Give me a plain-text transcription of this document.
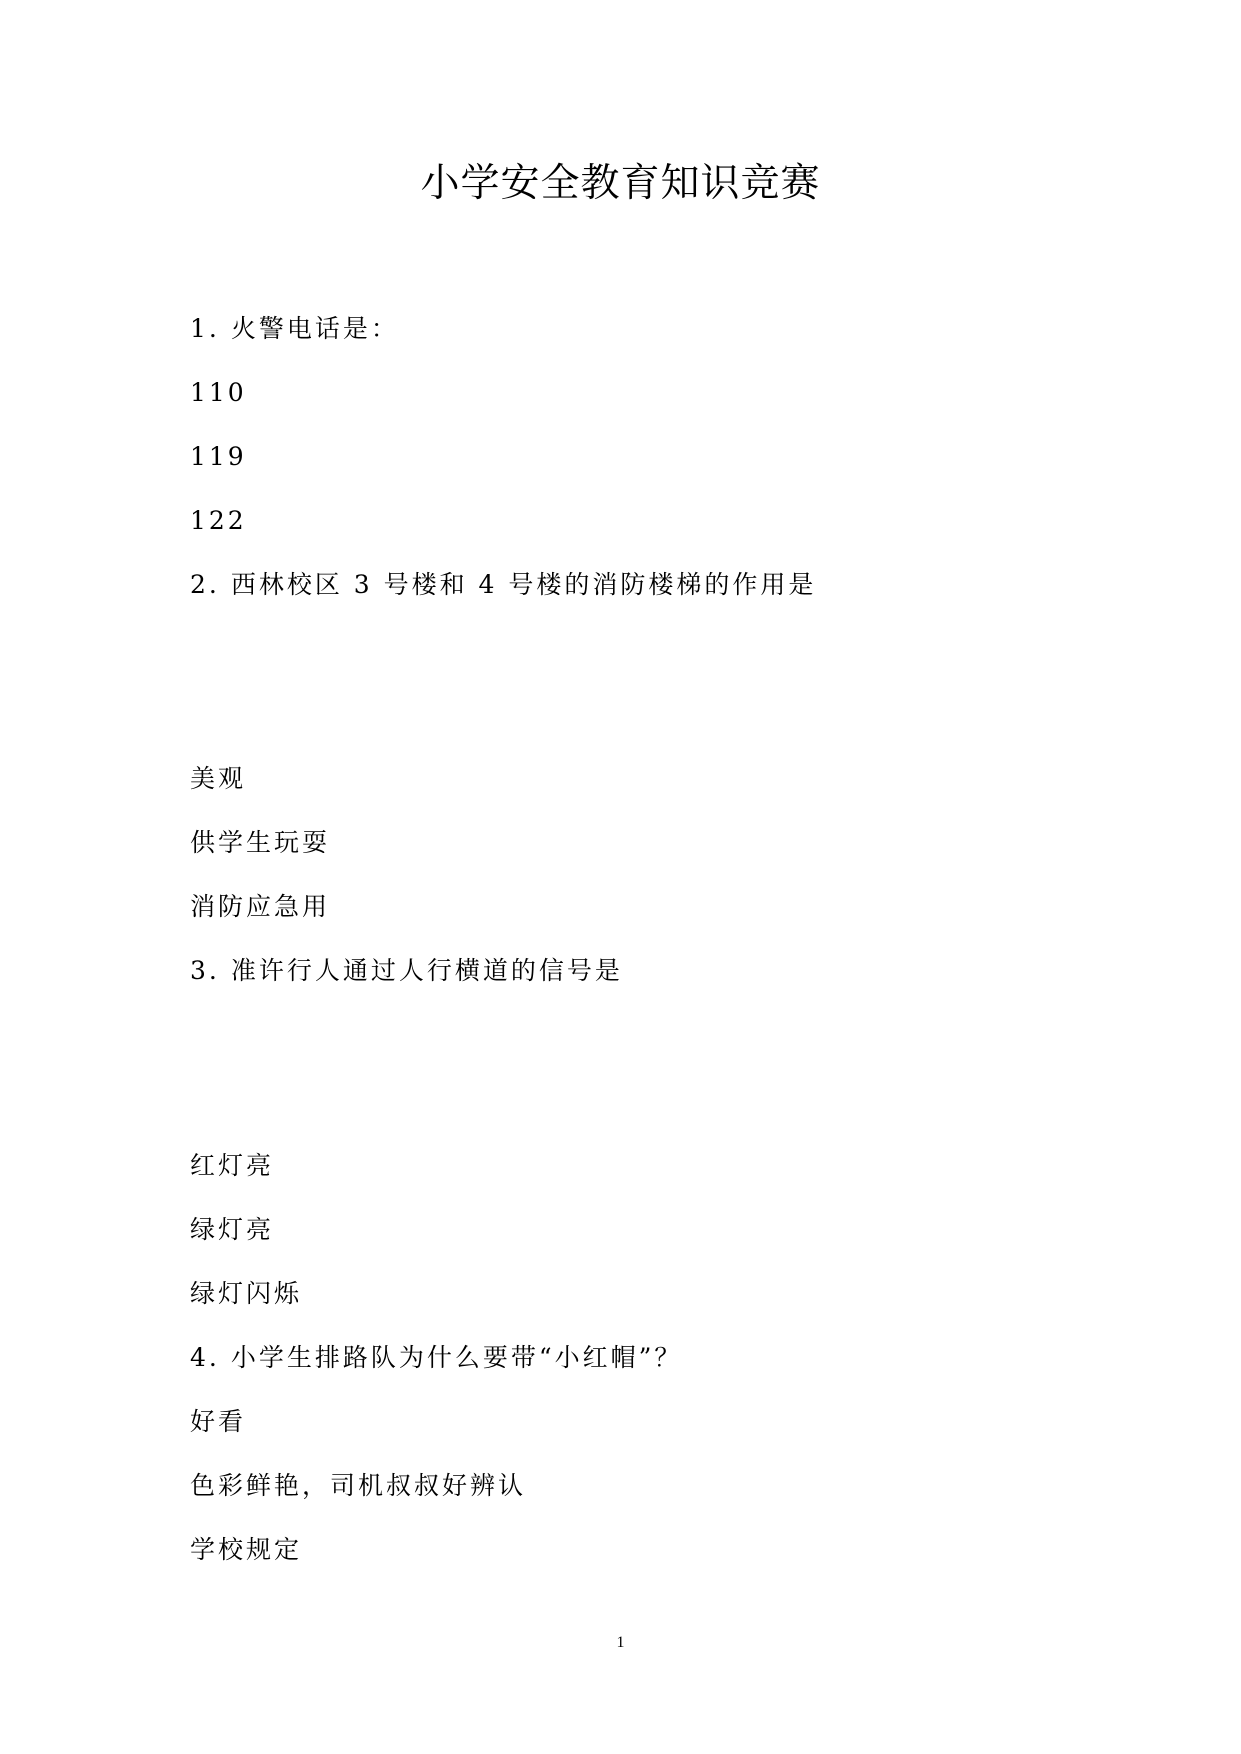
小学安全教育知识竞赛
1. 火警电话是：
110
119
122
2. 西林校区 3 号楼和 4 号楼的消防楼梯的作用是
美观
供学生玩耍
消防应急用
3. 准许行人通过人行横道的信号是
红灯亮
绿灯亮
绿灯闪烁
4. 小学生排路队为什么要带“小红帽”？
好看
色彩鲜艳，司机叔叔好辨认
学校规定
1
